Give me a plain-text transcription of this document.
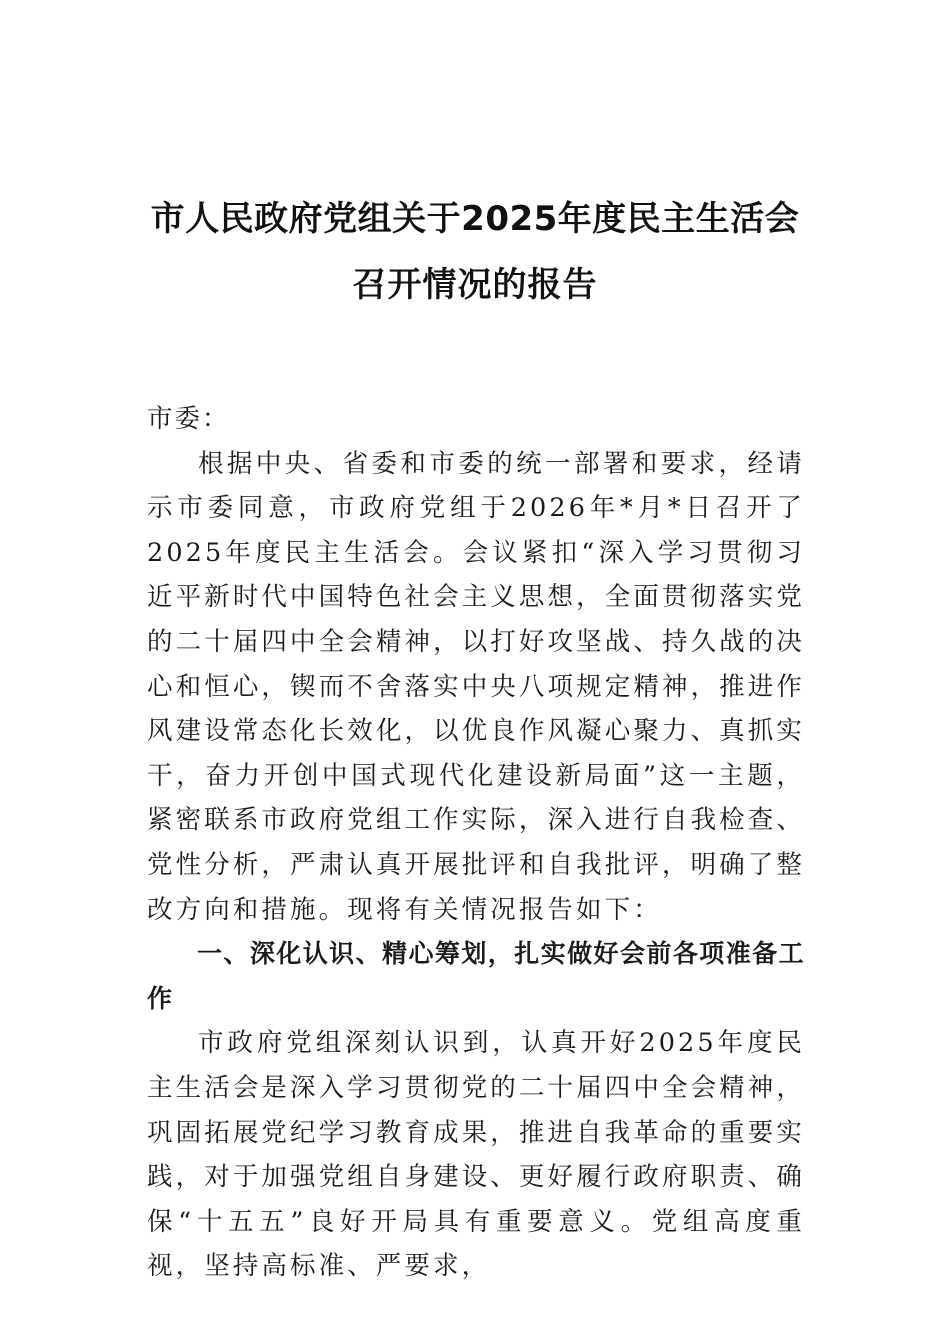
市人民政府党组关于2025年度民主生活会
召开情况的报告

市委：

根据中央、省委和市委的统一部署和要求，经请示市委同意，市政府党组于2026年*月*日召开了2025年度民主生活会。会议紧扣“深入学习贯彻习近平新时代中国特色社会主义思想，全面贯彻落实党的二十届四中全会精神，以打好攻坚战、持久战的决心和恒心，锲而不舍落实中央八项规定精神，推进作风建设常态化长效化，以优良作风凝心聚力、真抓实干，奋力开创中国式现代化建设新局面”这一主题，紧密联系市政府党组工作实际，深入进行自我检查、党性分析，严肃认真开展批评和自我批评，明确了整改方向和措施。现将有关情况报告如下：

一、深化认识、精心筹划，扎实做好会前各项准备工作

市政府党组深刻认识到，认真开好2025年度民主生活会是深入学习贯彻党的二十届四中全会精神，巩固拓展党纪学习教育成果，推进自我革命的重要实践，对于加强党组自身建设、更好履行政府职责、确保“十五五”良好开局具有重要意义。党组高度重视，坚持高标准、严要求，
